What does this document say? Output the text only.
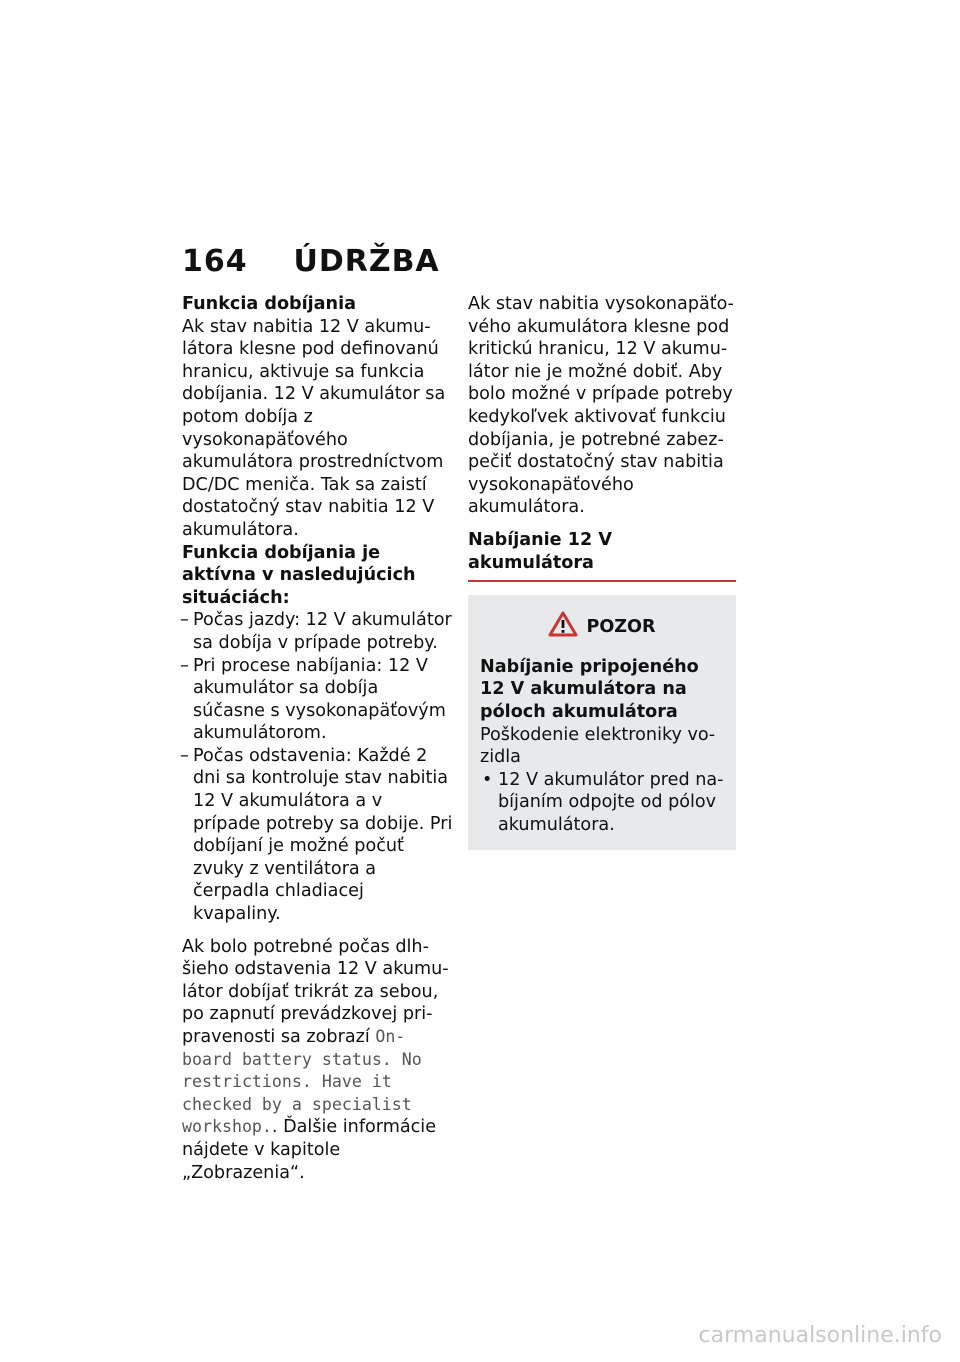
164 ÚDRŽBA

Funkcia dobíjania

Ak stav nabitia 12 V akumulátora klesne pod definovanú hranicu, aktivuje sa funkcia dobíjania. 12 V akumulátor sa potom dobíja z vysokonapäťového akumulátora prostredníctvom DC/DC meniča. Tak sa zaistí dostatočný stav nabitia 12 V akumulátora.

Funkcia dobíjania je aktívna v nasledujúcich situáciách:

– Počas jazdy: 12 V akumulátor sa dobíja v prípade potreby.
– Pri procese nabíjania: 12 V akumulátor sa dobíja súčasne s vysokonapäťovým akumulátorom.
– Počas odstavenia: Každé 2 dni sa kontroluje stav nabitia 12 V akumulátora a v prípade potreby sa dobije. Pri dobíjaní je možné počuť zvuky z ventilátora a čerpadla chladiacej kvapaliny.

Ak bolo potrebné počas dlhšieho odstavenia 12 V akumulátor dobíjať trikrát za sebou, po zapnutí prevádzkovej pripravenosti sa zobrazí On-board battery status. No restrictions. Have it checked by a specialist workshop.. Ďalšie informácie nájdete v kapitole „Zobrazenia“.

Ak stav nabitia vysokonapäťového akumulátora klesne pod kritickú hranicu, 12 V akumulátor nie je možné dobiť. Aby bolo možné v prípade potreby kedykoľvek aktivovať funkciu dobíjania, je potrebné zabezpečiť dostatočný stav nabitia vysokonapäťového akumulátora.

Nabíjanie 12 V akumulátora
POZOR

Nabíjanie pripojeného 12 V akumulátora na póloch akumulátora

Poškodenie elektroniky vozidla

• 12 V akumulátor pred nabíjaním odpojte od pólov akumulátora.
carmanualsonline.info
